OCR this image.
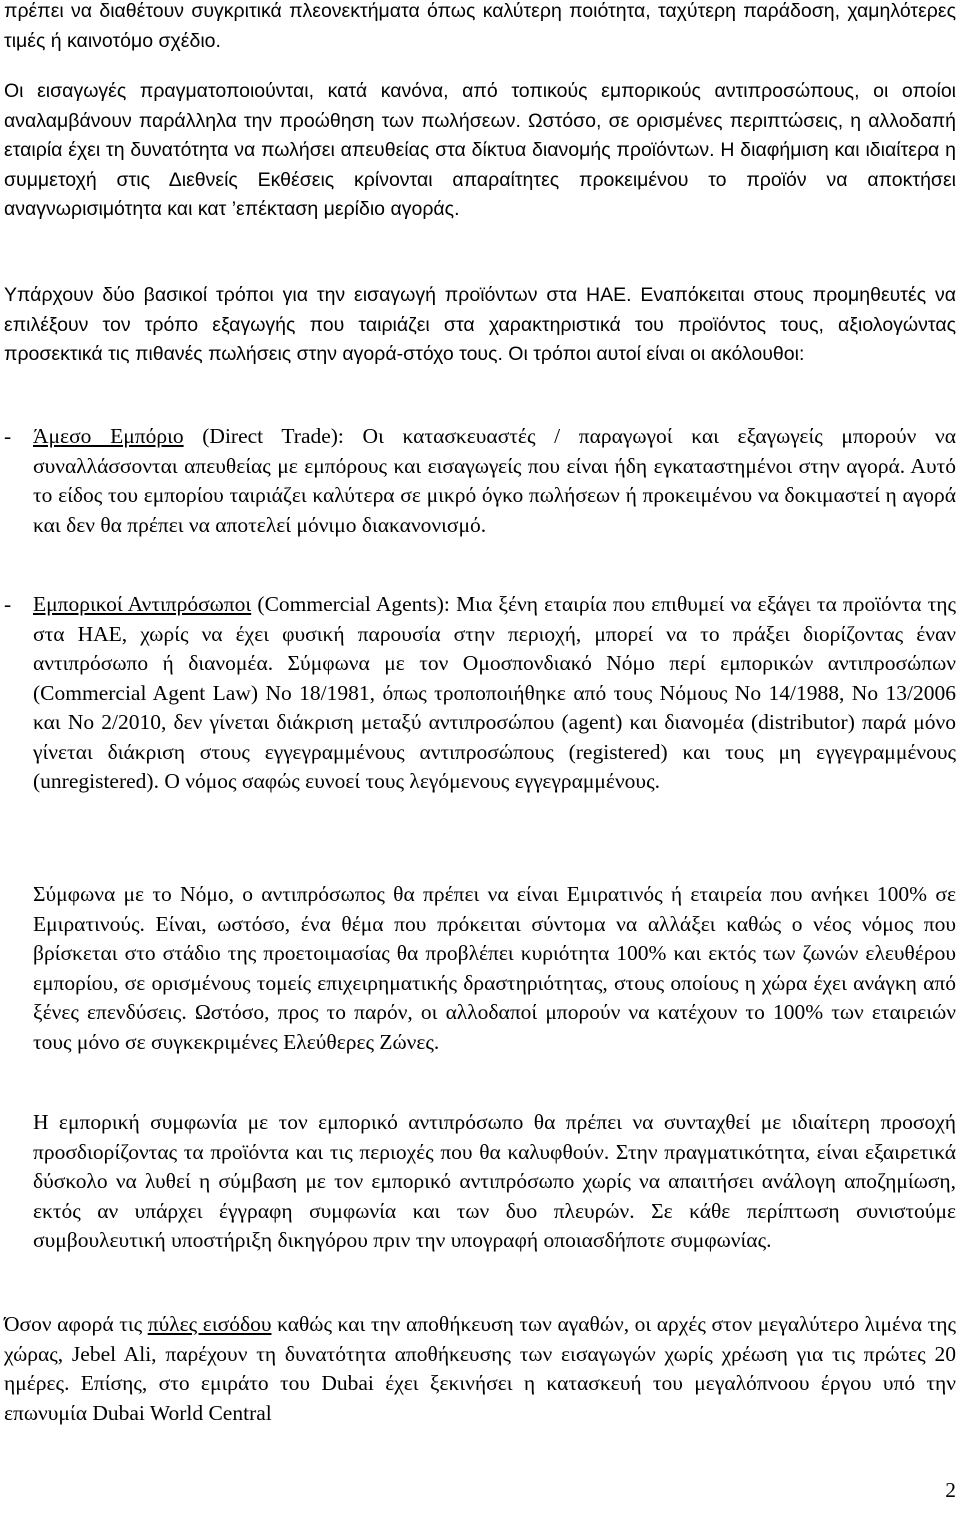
πρέπει να διαθέτουν συγκριτικά πλεονεκτήματα όπως καλύτερη ποιότητα, ταχύτερη παράδοση, χαμηλότερες τιμές ή καινοτόμο σχέδιο.

Οι εισαγωγές πραγματοποιούνται, κατά κανόνα, από τοπικούς εμπορικούς αντιπροσώπους, οι οποίοι αναλαμβάνουν παράλληλα την προώθηση των πωλήσεων. Ωστόσο, σε ορισμένες περιπτώσεις, η αλλοδαπή εταιρία έχει τη δυνατότητα να πωλήσει απευθείας στα δίκτυα διανομής προϊόντων. Η διαφήμιση και ιδιαίτερα η συμμετοχή στις Διεθνείς Εκθέσεις κρίνονται απαραίτητες προκειμένου το προϊόν να αποκτήσει αναγνωρισιμότητα και κατ ’επέκταση μερίδιο αγοράς.

Υπάρχουν δύο βασικοί τρόποι για την εισαγωγή προϊόντων στα ΗΑΕ. Εναπόκειται στους προμηθευτές να επιλέξουν τον τρόπο εξαγωγής που ταιριάζει στα χαρακτηριστικά του προϊόντος τους, αξιολογώντας προσεκτικά τις πιθανές πωλήσεις στην αγορά-στόχο τους. Οι τρόποι αυτοί είναι οι ακόλουθοι:

-	Άμεσο Εμπόριο (Direct Trade): Οι κατασκευαστές / παραγωγοί και εξαγωγείς μπορούν να συναλλάσσονται απευθείας με εμπόρους και εισαγωγείς που είναι ήδη εγκαταστημένοι στην αγορά. Αυτό το είδος του εμπορίου ταιριάζει καλύτερα σε μικρό όγκο πωλήσεων ή προκειμένου να δοκιμαστεί η αγορά και δεν θα πρέπει να αποτελεί μόνιμο διακανονισμό.
-	Εμπορικοί Αντιπρόσωποι (Commercial Agents): Μια ξένη εταιρία που επιθυμεί να εξάγει τα προϊόντα της στα ΗΑΕ, χωρίς να έχει φυσική παρουσία στην περιοχή, μπορεί να το πράξει διορίζοντας έναν αντιπρόσωπο ή διανομέα. Σύμφωνα με τον Ομοσπονδιακό Νόμο περί εμπορικών αντιπροσώπων (Commercial Agent Law) No 18/1981, όπως τροποποιήθηκε από τους Νόμους No 14/1988, No 13/2006 και No 2/2010, δεν γίνεται διάκριση μεταξύ αντιπροσώπου (agent) και διανομέα (distributor) παρά μόνο γίνεται διάκριση στους εγγεγραμμένους αντιπροσώπους (registered) και τους μη εγγεγραμμένους (unregistered). Ο νόμος σαφώς ευνοεί τους λεγόμενους εγγεγραμμένους.
Σύμφωνα με το Νόμο, ο αντιπρόσωπος θα πρέπει να είναι Εμιρατινός ή εταιρεία που ανήκει 100% σε Εμιρατινούς. Είναι, ωστόσο, ένα θέμα που πρόκειται σύντομα να αλλάξει καθώς ο νέος νόμος που βρίσκεται στο στάδιο της προετοιμασίας θα προβλέπει κυριότητα 100% και εκτός των ζωνών ελευθέρου εμπορίου, σε ορισμένους τομείς επιχειρηματικής δραστηριότητας, στους οποίους η χώρα έχει ανάγκη από ξένες επενδύσεις. Ωστόσο, προς το παρόν, οι αλλοδαποί μπορούν να κατέχουν το 100% των εταιρειών τους μόνο σε συγκεκριμένες Ελεύθερες Ζώνες.
Η εμπορική συμφωνία με τον εμπορικό αντιπρόσωπο θα πρέπει να συνταχθεί με ιδιαίτερη προσοχή προσδιορίζοντας τα προϊόντα και τις περιοχές που θα καλυφθούν. Στην πραγματικότητα, είναι εξαιρετικά δύσκολο να λυθεί η σύμβαση με τον εμπορικό αντιπρόσωπο χωρίς να απαιτήσει ανάλογη αποζημίωση, εκτός αν υπάρχει έγγραφη συμφωνία και των δυο πλευρών. Σε κάθε περίπτωση συνιστούμε συμβουλευτική υποστήριξη δικηγόρου πριν την υπογραφή οποιασδήποτε συμφωνίας.
Όσον αφορά τις πύλες εισόδου καθώς και την αποθήκευση των αγαθών, οι αρχές στον μεγαλύτερο λιμένα της χώρας, Jebel Ali, παρέχουν τη δυνατότητα αποθήκευσης των εισαγωγών χωρίς χρέωση για τις πρώτες 20 ημέρες. Επίσης, στο εμιράτο του Dubai έχει ξεκινήσει η κατασκευή του μεγαλόπνοου έργου υπό την επωνυμία Dubai World Central
2
